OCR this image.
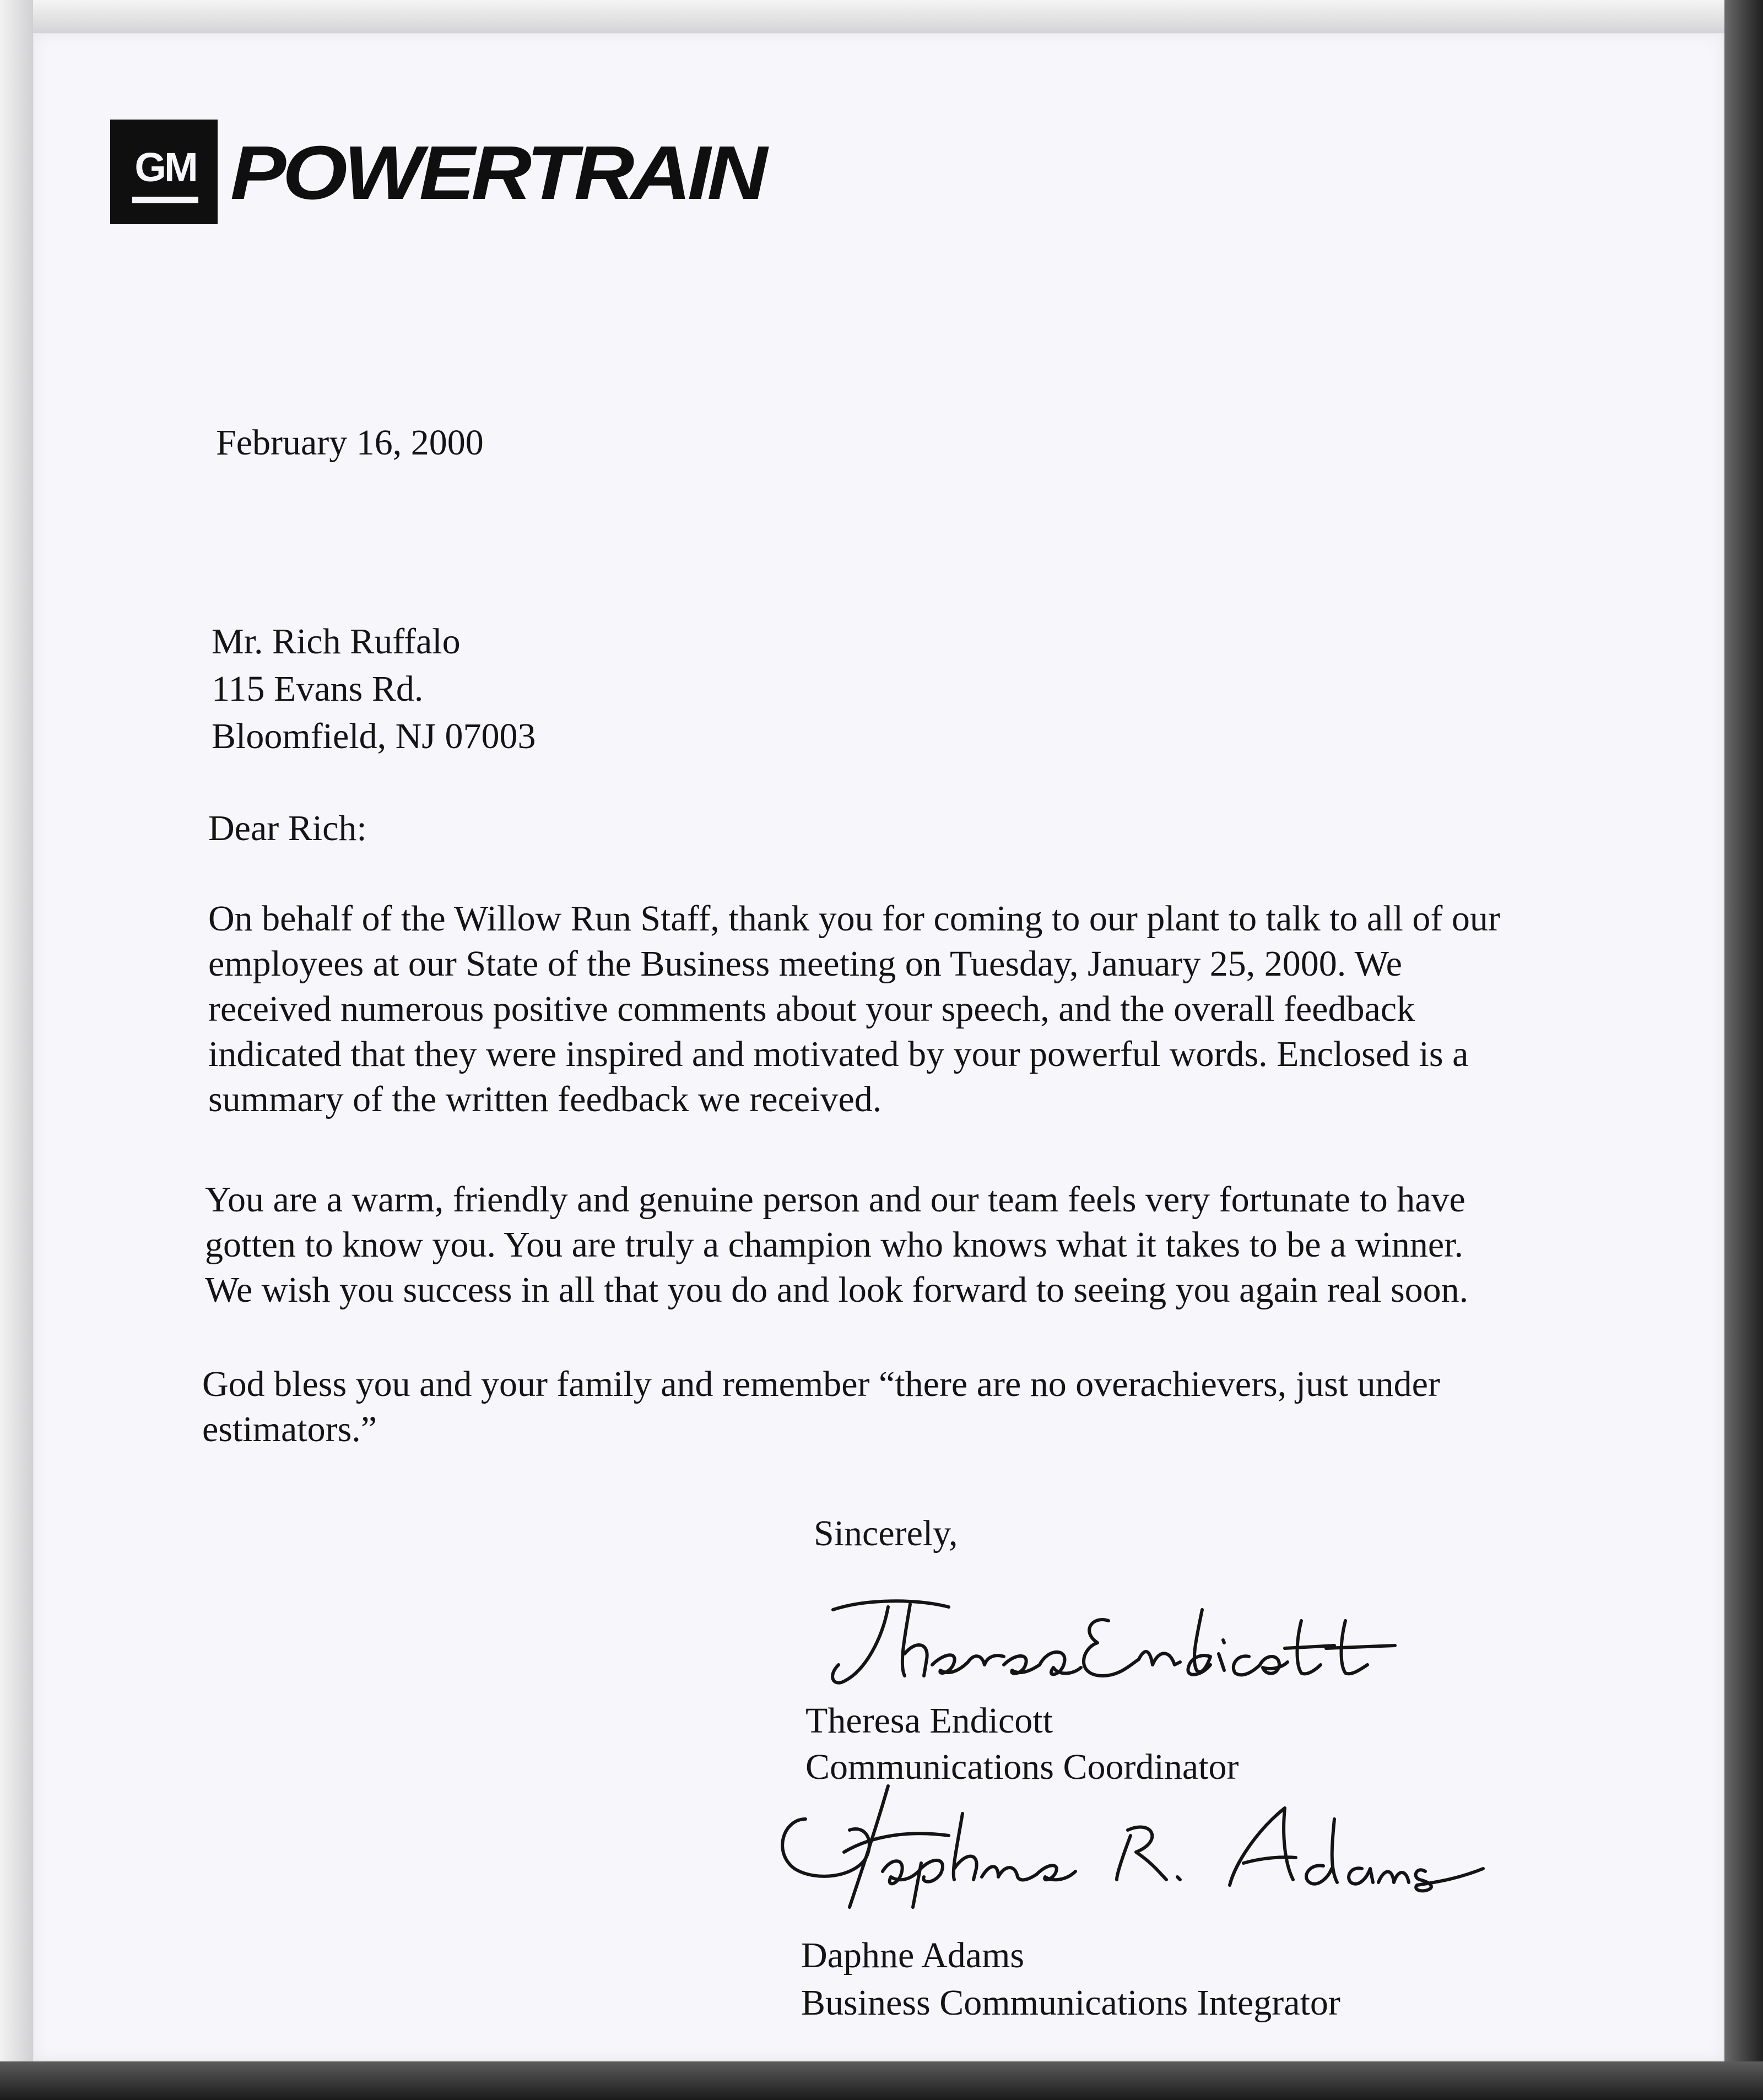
GM POWERTRAIN
February 16, 2000
Mr. Rich Ruffalo
115 Evans Rd.
Bloomfield, NJ 07003
Dear Rich:
On behalf of the Willow Run Staff, thank you for coming to our plant to talk to all of our
employees at our State of the Business meeting on Tuesday, January 25, 2000. We
received numerous positive comments about your speech, and the overall feedback
indicated that they were inspired and motivated by your powerful words. Enclosed is a
summary of the written feedback we received.
You are a warm, friendly and genuine person and our team feels very fortunate to have
gotten to know you. You are truly a champion who knows what it takes to be a winner.
We wish you success in all that you do and look forward to seeing you again real soon.
God bless you and your family and remember “there are no overachievers, just under
estimators.”
Sincerely,
Theresa Endicott
Communications Coordinator
Daphne Adams
Business Communications Integrator
